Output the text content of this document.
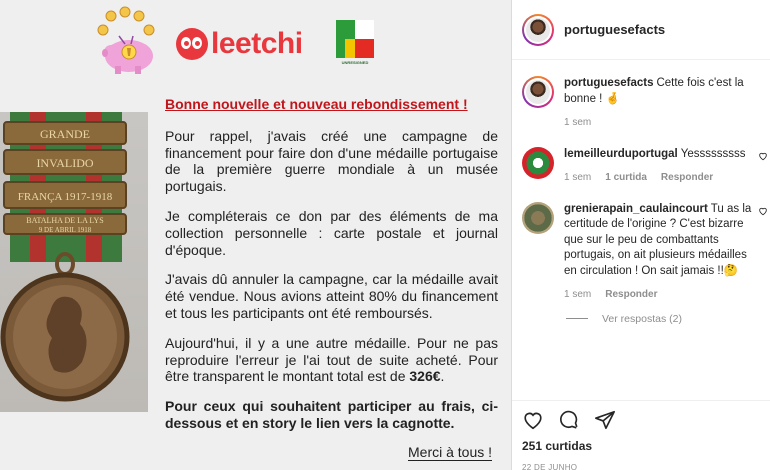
leetchi
UNRESIGNED
GRANDE
INVALIDO
FRANÇA 1917-1918
BATALHA DE LA LYS
9 DE ABRIL 1918
Bonne nouvelle et nouveau rebondissement !

Pour rappel, j'avais créé une campagne de financement pour faire don d'une médaille portugaise de la première guerre mondiale à un musée portugais.

Je compléterais ce don par des éléments de ma collection personnelle : carte postale et journal d'époque.

J'avais dû annuler la campagne, car la médaille avait été vendue. Nous avions atteint 80% du financement et tous les participants ont été remboursés.

Aujourd'hui, il y a une autre médaille. Pour ne pas reproduire l'erreur je l'ai tout de suite acheté. Pour être transparent le montant total est de 326€.

Pour ceux qui souhaitent participer au frais, ci-dessous et en story le lien vers la cagnotte.

Merci à tous !
portuguesefacts
portuguesefacts Cette fois c'est la bonne ! 🤞
1 sem
lemeilleurduportugal Yesssssssss
1 sem 1 curtida Responder
grenierapain_caulaincourt Tu as la certitude de l'origine ? C'est bizarre que sur le peu de combattants portugais, on ait plusieurs médailles en circulation ! On sait jamais !!🤔
1 sem Responder
Ver respostas (2)
251 curtidas
22 DE JUNHO
